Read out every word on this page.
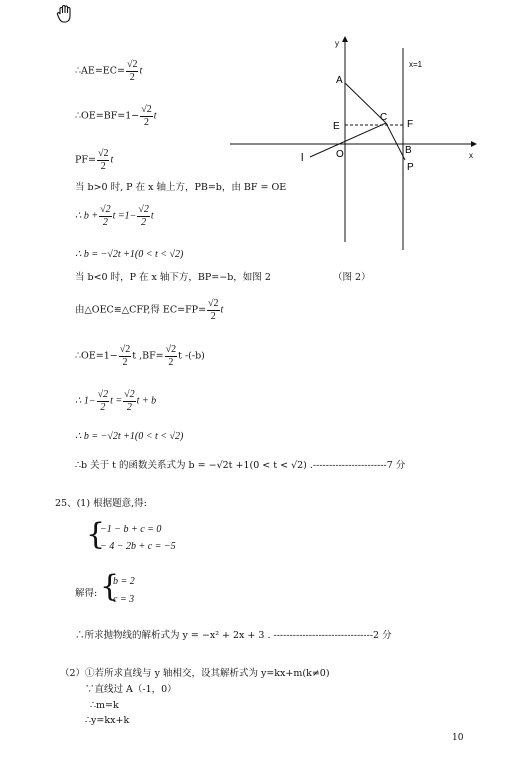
∴AE=EC= $\frac{√2}{2}$ t
∴OE=BF=1− $\frac{√2}{2}$ t
$PF= \frac{√2}{2}$ t
当 b>0 时, P 在 x 轴上方，PB=b，由 BF = OE
∴ $b + \frac{√2}{2}$ $t =1- \frac{√2}{2}$ t
∴ b = −√2t +1(0 < t < √2)
当 b<0 时，P 在 x 轴下方，BP=−b，如图 2	（图 2）
由△OEC≌△CFP,得 $EC=FP= \frac{√2}{2}$ t
∴OE=1− $\frac{√2}{2}$ t $,BF= \frac{√2}{2}$ t -(-b)
∴ $1- \frac{√2}{2}$ $t = \frac{√2}{2}$ t + b
∴ b = −√2t +1(0 < t < √2)
∴b 关于 t 的函数关系式为 b = −√2t +1(0 < t < √2) .-----------------------7 分
25、(1) 根据题意,得:
{
−1 − b + c = 0
− 4 − 2b + c = −5
解得: {
b = 2
c = 3
∴所求抛物线的解析式为 y = −x² + 2x + 3 . -------------------------------2 分
（2）①若所求直线与 y 轴相交，设其解析式为 y=kx+m(k≠0)
∵直线过 A（-1，0）
∴m=k
∴y=kx+k
10
y
x
x=1
A
C
E	F
O	B
P
l
